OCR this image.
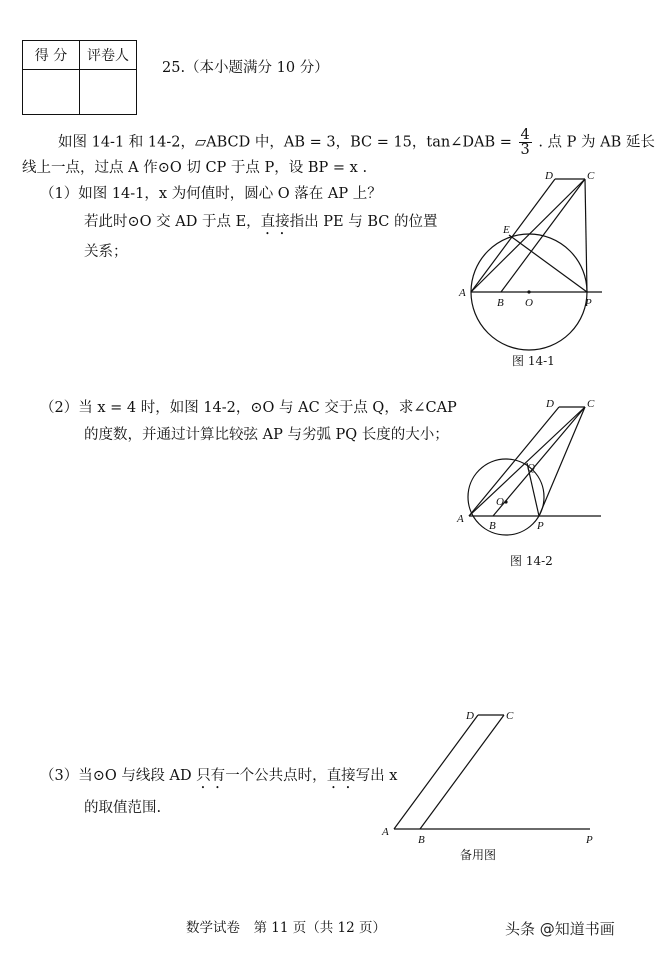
得 分	评卷人

25.（本小题满分 10 分）
如图 14-1 和 14-2，▱ABCD 中，AB = 3，BC = 15，tan∠DAB = $\frac{4}{3}$ . 点 P 为 AB 延长
线上一点，过点 A 作⊙O 切 CP 于点 P，设 BP = x .
（1）如图 14-1，x 为何值时，圆心 O 落在 AP 上？
若此时⊙O 交 AD 于点 E，直接指出 PE 与 BC 的位置
关系；
（2）当 x = 4 时，如图 14-2，⊙O 与 AC 交于点 Q，求∠CAP
的度数，并通过计算比较弦 AP 与劣弧 PQ 长度的大小；
（3）当⊙O 与线段 AD 只有一个公共点时，直接写出 x
的取值范围.
A
B O	P
D	C
E
图 14-1
A
B
O
P
D	C
Q
图 14-2
A
B	P
D	C
备用图
数学试卷　第 11 页（共 12 页）	头条 @知道书画
